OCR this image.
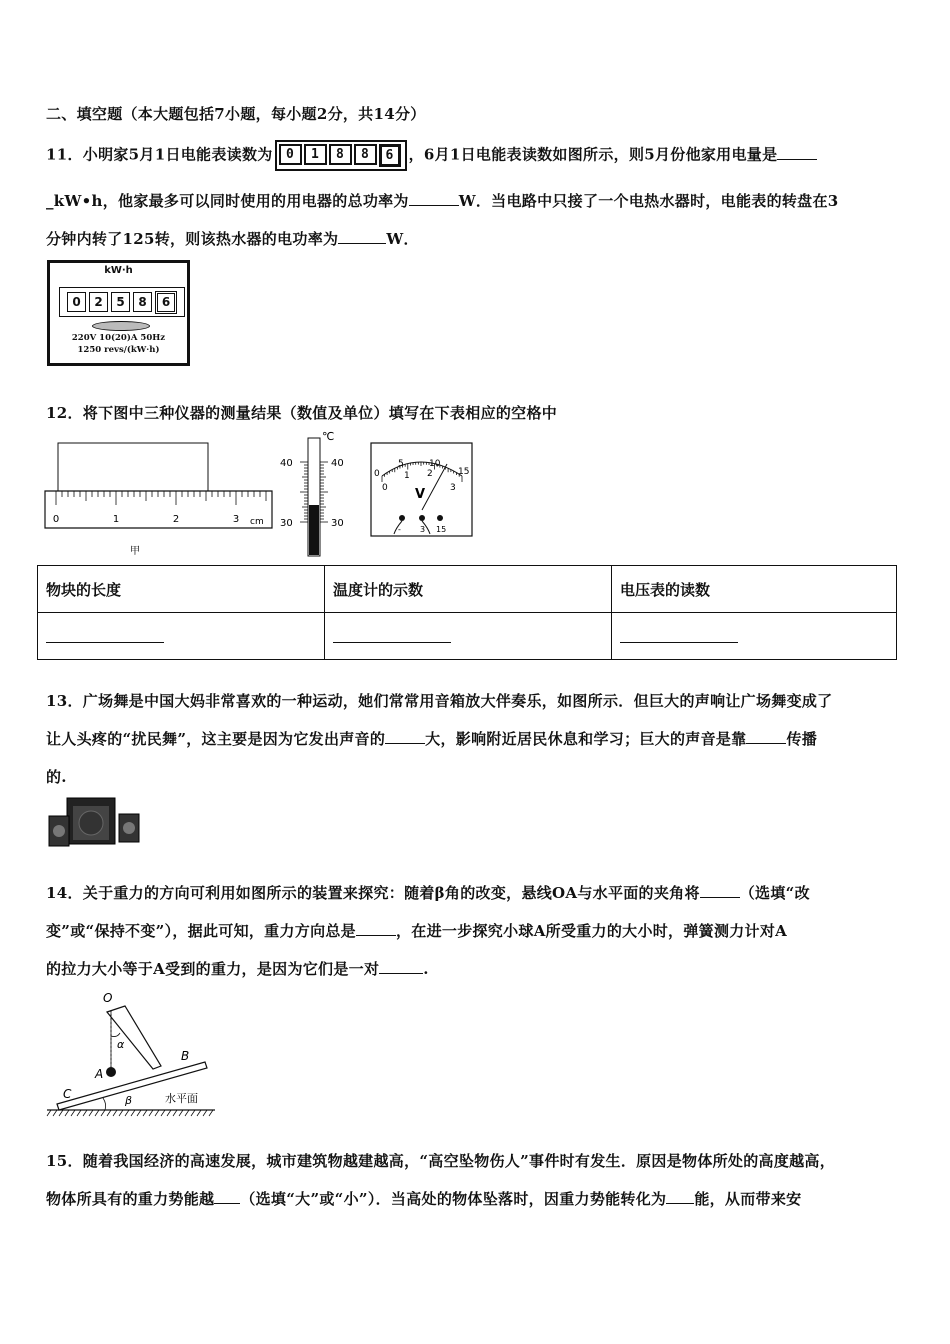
二、填空题（本大题包括7小题，每小题2分，共14分）
11．小明家5月1日电能表读数为	0	1	8	8	6 ，6月1日电能表读数如图所示，则5月份他家用电量是
_kW•h，他家最多可以同时使用的用电器的总功率为	W．当电路中只接了一个电热水器时，电能表的转盘在3
分钟内转了125转，则该热水器的电功率为	W．
kW·h
0	2	5	8	6
220V 10(20)A 50Hz
1250 revs/(kW·h)
12．将下图中三种仪器的测量结果（数值及单位）填写在下表相应的空格中
0	1	2	3 cm
甲
℃
40	40
30	30
0
5	10
15
0
1 2
3
V
- 3 15
物块的长度	温度计的示数	电压表的读数

13．广场舞是中国大妈非常喜欢的一种运动，她们常常用音箱放大伴奏乐，如图所示．但巨大的声响让广场舞变成了
让人头疼的“扰民舞”，这主要是因为它发出声音的	大，影响附近居民休息和学习；巨大的声音是靠	传播
的.
14．关于重力的方向可利用如图所示的装置来探究：随着β角的改变，悬线OA与水平面的夹角将	（选填“改
变”或“保持不变”），据此可知，重力方向总是	，在进一步探究小球A所受重力的大小时，弹簧测力计对A
的拉力大小等于A受到的重力，是因为它们是一对	.
O
A
B
C
α
β	水平面
15．随着我国经济的高速发展，城市建筑物越建越高，“高空坠物伤人”事件时有发生．原因是物体所处的高度越高，
物体所具有的重力势能越 （选填“大”或“小”）．当高处的物体坠落时，因重力势能转化为 能，从而带来安
